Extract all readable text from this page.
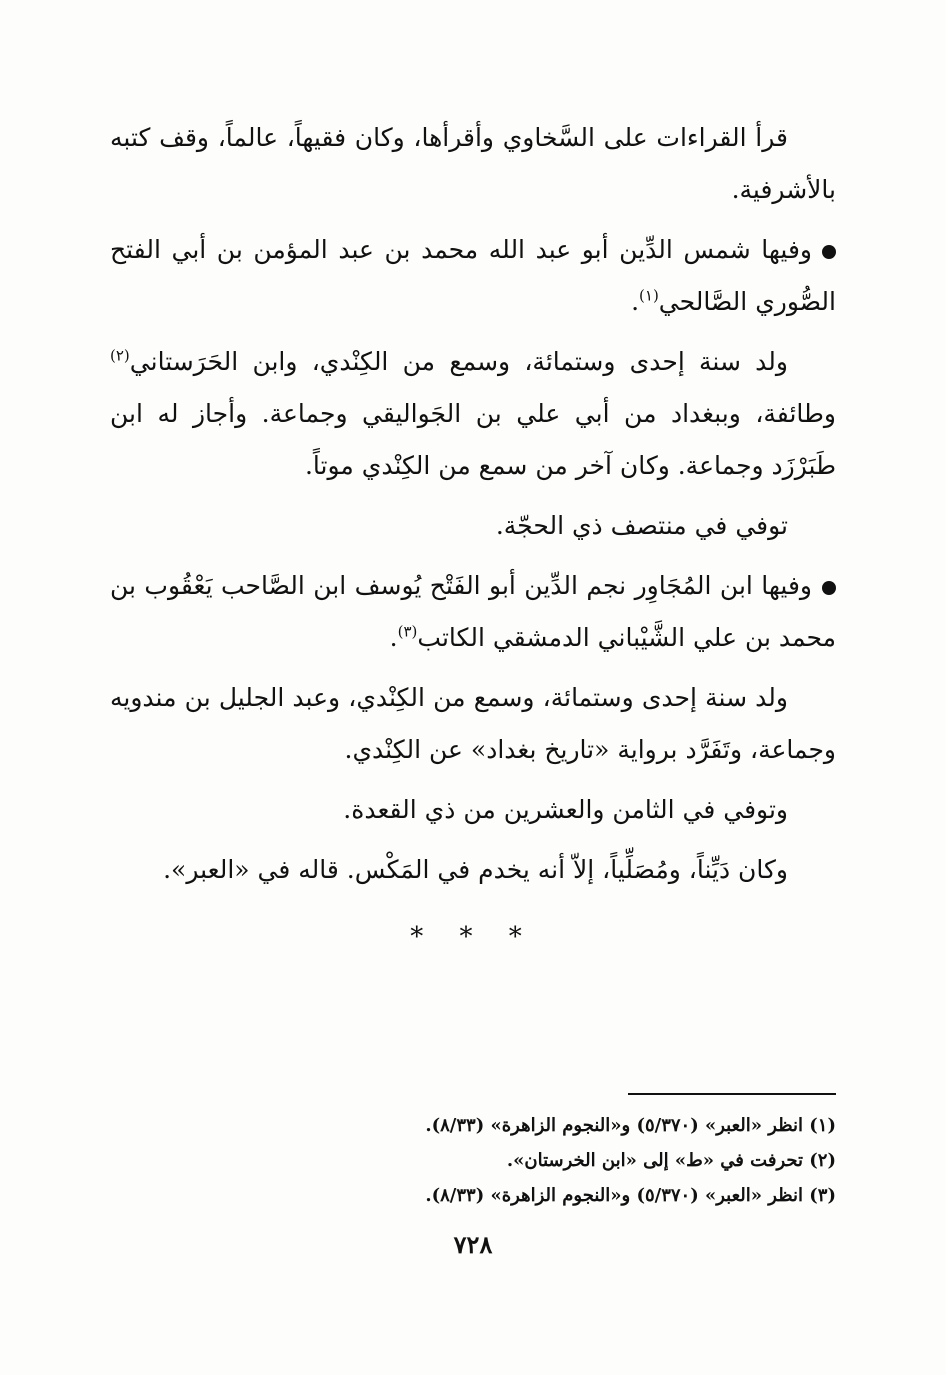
قرأ القراءات على السَّخاوي وأقرأها، وكان فقيهاً، عالماً، وقف كتبه بالأشرفية.

وفيها شمس الدِّين أبو عبد الله محمد بن عبد المؤمن بن أبي الفتح الصُّوري الصَّالحي$^{(١)}$.

ولد سنة إحدى وستمائة، وسمع من الكِنْدي، وابن الحَرَستاني$^{(٢)}$ وطائفة، وببغداد من أبي علي بن الجَواليقي وجماعة. وأجاز له ابن طَبَرْزَد وجماعة. وكان آخر من سمع من الكِنْدي موتاً.

توفي في منتصف ذي الحجّة.

وفيها ابن المُجَاوِر نجم الدِّين أبو الفَتْح يُوسف ابن الصَّاحب يَعْقُوب بن محمد بن علي الشَّيْباني الدمشقي الكاتب$^{(٣)}$.

ولد سنة إحدى وستمائة، وسمع من الكِنْدي، وعبد الجليل بن مندويه وجماعة، وتَفَرَّد برواية «تاريخ بغداد» عن الكِنْدي.

وتوفي في الثامن والعشرين من ذي القعدة.

وكان دَيِّناً، ومُصَلِّياً، إلاّ أنه يخدم في المَكْس. قاله في «العبر».

* * *

(١) انظر «العبر» (٥/٣٧٠) و«النجوم الزاهرة» (٨/٣٣).

(٢) تحرفت في «ط» إلى «ابن الخرستان».

(٣) انظر «العبر» (٥/٣٧٠) و«النجوم الزاهرة» (٨/٣٣).

٧٢٨
